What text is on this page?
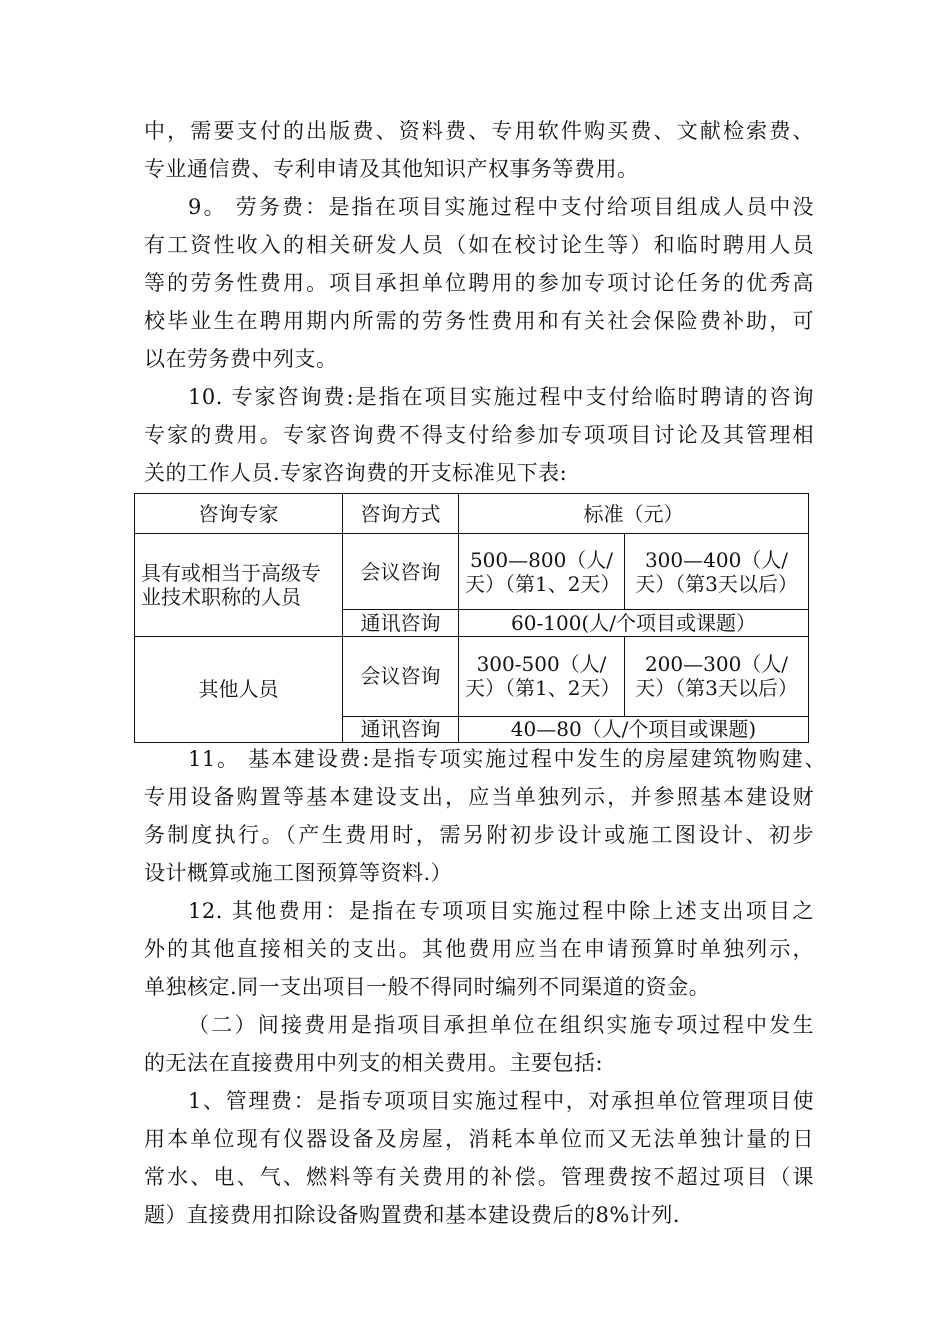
中，需要支付的出版费、资料费、专用软件购买费、文献检索费、
专业通信费、专利申请及其他知识产权事务等费用。
9。 劳务费：是指在项目实施过程中支付给项目组成人员中没
有工资性收入的相关研发人员（如在校讨论生等）和临时聘用人员
等的劳务性费用。项目承担单位聘用的参加专项讨论任务的优秀高
校毕业生在聘用期内所需的劳务性费用和有关社会保险费补助，可
以在劳务费中列支。
10. 专家咨询费:是指在项目实施过程中支付给临时聘请的咨询
专家的费用。专家咨询费不得支付给参加专项项目讨论及其管理相
关的工作人员.专家咨询费的开支标准见下表:
咨询专家	咨询方式	标准（元）	
具有或相当于高级专业技术职称的人员	会议咨询	500—800（人/天）（第1、2天）	300—400（人/天）（第3天以后）
	通讯咨询	60-100(人/个项目或课题）	
其他人员	会议咨询	300-500（人/天）（第1、2天）	200—300（人/天）（第3天以后）
	通讯咨询	40—80（人/个项目或课题)	
11。 基本建设费:是指专项实施过程中发生的房屋建筑物购建、
专用设备购置等基本建设支出，应当单独列示，并参照基本建设财
务制度执行。（产生费用时，需另附初步设计或施工图设计、初步
设计概算或施工图预算等资料.）
12. 其他费用：是指在专项项目实施过程中除上述支出项目之
外的其他直接相关的支出。其他费用应当在申请预算时单独列示，
单独核定.同一支出项目一般不得同时编列不同渠道的资金。
（二）间接费用是指项目承担单位在组织实施专项过程中发生
的无法在直接费用中列支的相关费用。主要包括:
1、管理费：是指专项项目实施过程中，对承担单位管理项目使
用本单位现有仪器设备及房屋，消耗本单位而又无法单独计量的日
常水、电、气、燃料等有关费用的补偿。管理费按不超过项目（课
题）直接费用扣除设备购置费和基本建设费后的8%计列.
